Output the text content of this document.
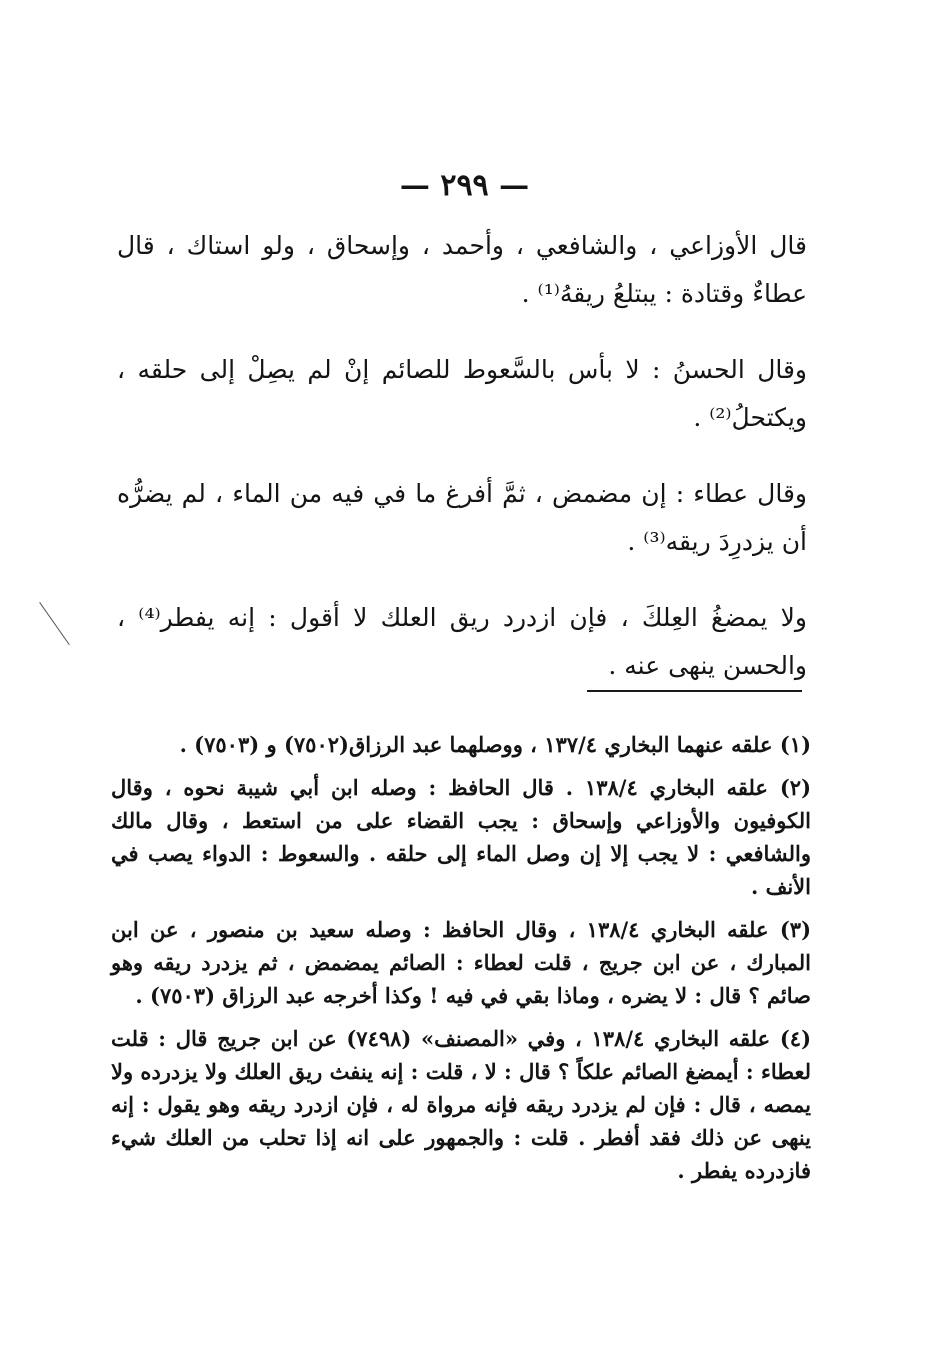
— ٢٩٩ —

قال الأوزاعي ، والشافعي ، وأحمد ، وإسحاق ، ولو استاك ، قال عطاءٌ وقتادة : يبتلعُ ريقهُ⁽¹⁾ .

وقال الحسنُ : لا بأس بالسَّعوط للصائم إنْ لم يصِلْ إلى حلقه ، ويكتحلُ⁽²⁾ .

وقال عطاء : إن مضمض ، ثمَّ أفرغ ما في فيه من الماء ، لم يضرُّه أن يزدرِدَ ريقه⁽³⁾ .

ولا يمضغُ العِلكَ ، فإن ازدرد ريق العلك لا أقول : إنه يفطر⁽⁴⁾ ، والحسن ينهى عنه .

(١) علقه عنهما البخاري ١٣٧/٤ ، ووصلهما عبد الرزاق(٧٥٠٢) و (٧٥٠٣) .

(٢) علقه البخاري ١٣٨/٤ . قال الحافظ : وصله ابن أبي شيبة نحوه ، وقال الكوفيون والأوزاعي وإسحاق : يجب القضاء على من استعط ، وقال مالك والشافعي : لا يجب إلا إن وصل الماء إلى حلقه . والسعوط : الدواء يصب في الأنف .

(٣) علقه البخاري ١٣٨/٤ ، وقال الحافظ : وصله سعيد بن منصور ، عن ابن المبارك ، عن ابن جريج ، قلت لعطاء : الصائم يمضمض ، ثم يزدرد ريقه وهو صائم ؟ قال : لا يضره ، وماذا بقي في فيه ! وكذا أخرجه عبد الرزاق (٧٥٠٣) .

(٤) علقه البخاري ١٣٨/٤ ، وفي «المصنف» (٧٤٩٨) عن ابن جريج قال : قلت لعطاء : أيمضغ الصائم علكاً ؟ قال : لا ، قلت : إنه ينفث ريق العلك ولا يزدرده ولا يمصه ، قال : فإن لم يزدرد ريقه فإنه مرواة له ، فإن ازدرد ريقه وهو يقول : إنه ينهى عن ذلك فقد أفطر . قلت : والجمهور على انه إذا تحلب من العلك شيء فازدرده يفطر .
